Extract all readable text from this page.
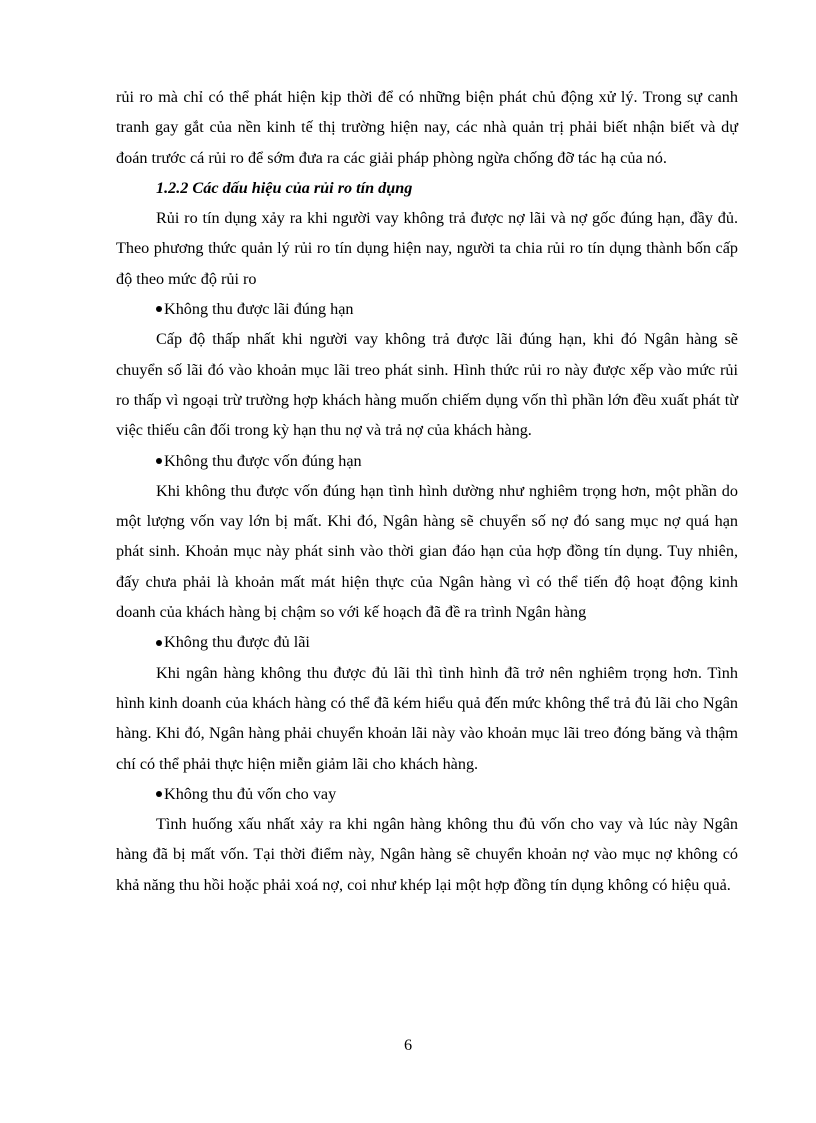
rủi ro mà chỉ có thể phát hiện kịp thời để có những biện phát chủ động xử lý. Trong sự canh tranh gay gắt của nền kinh tế thị trường hiện nay, các nhà quản trị phải biết nhận biết và dự đoán trước cá rủi ro để sớm đưa ra các giải pháp phòng ngừa chống đỡ tác hạ của nó.

1.2.2 Các dấu hiệu của rủi ro tín dụng

Rủi ro tín dụng xảy ra khi người vay không trả được nợ lãi và nợ gốc đúng hạn, đầy đủ. Theo phương thức quản lý rủi ro tín dụng hiện nay, người ta chia rủi ro tín dụng thành bốn cấp độ theo mức độ rủi ro

Không thu được lãi đúng hạn

Cấp độ thấp nhất khi người vay không trả được lãi đúng hạn, khi đó Ngân hàng sẽ chuyển số lãi đó vào khoản mục lãi treo phát sinh. Hình thức rủi ro này được xếp vào mức rủi ro thấp vì ngoại trừ trường hợp khách hàng muốn chiếm dụng vốn thì phần lớn đều xuất phát từ việc thiếu cân đối trong kỳ hạn thu nợ và trả nợ của khách hàng.

Không thu được vốn đúng hạn

Khi không thu được vốn đúng hạn tình hình dường như nghiêm trọng hơn, một phần do một lượng vốn vay lớn bị mất. Khi đó, Ngân hàng sẽ chuyển số nợ đó sang mục nợ quá hạn phát sinh. Khoản mục này phát sinh vào thời gian đáo hạn của hợp đồng tín dụng. Tuy nhiên, đấy chưa phải là khoản mất mát hiện thực của Ngân hàng vì có thể tiến độ hoạt động kinh doanh của khách hàng bị chậm so với kế hoạch đã đề ra trình Ngân hàng

Không thu được đủ lãi

Khi ngân hàng không thu được đủ lãi thì tình hình đã trở nên nghiêm trọng hơn. Tình hình kinh doanh của khách hàng có thể đã kém hiểu quả đến mức không thể trả đủ lãi cho Ngân hàng. Khi đó, Ngân hàng phải chuyển khoản lãi này vào khoản mục lãi treo đóng băng và thậm chí có thể phải thực hiện miễn giảm lãi cho khách hàng.

Không thu đủ vốn cho vay

Tình huống xấu nhất xảy ra khi ngân hàng không thu đủ vốn cho vay và lúc này Ngân hàng đã bị mất vốn. Tại thời điểm này, Ngân hàng sẽ chuyển khoản nợ vào mục nợ không có khả năng thu hồi hoặc phải xoá nợ, coi như khép lại một hợp đồng tín dụng không có hiệu quả.

6
